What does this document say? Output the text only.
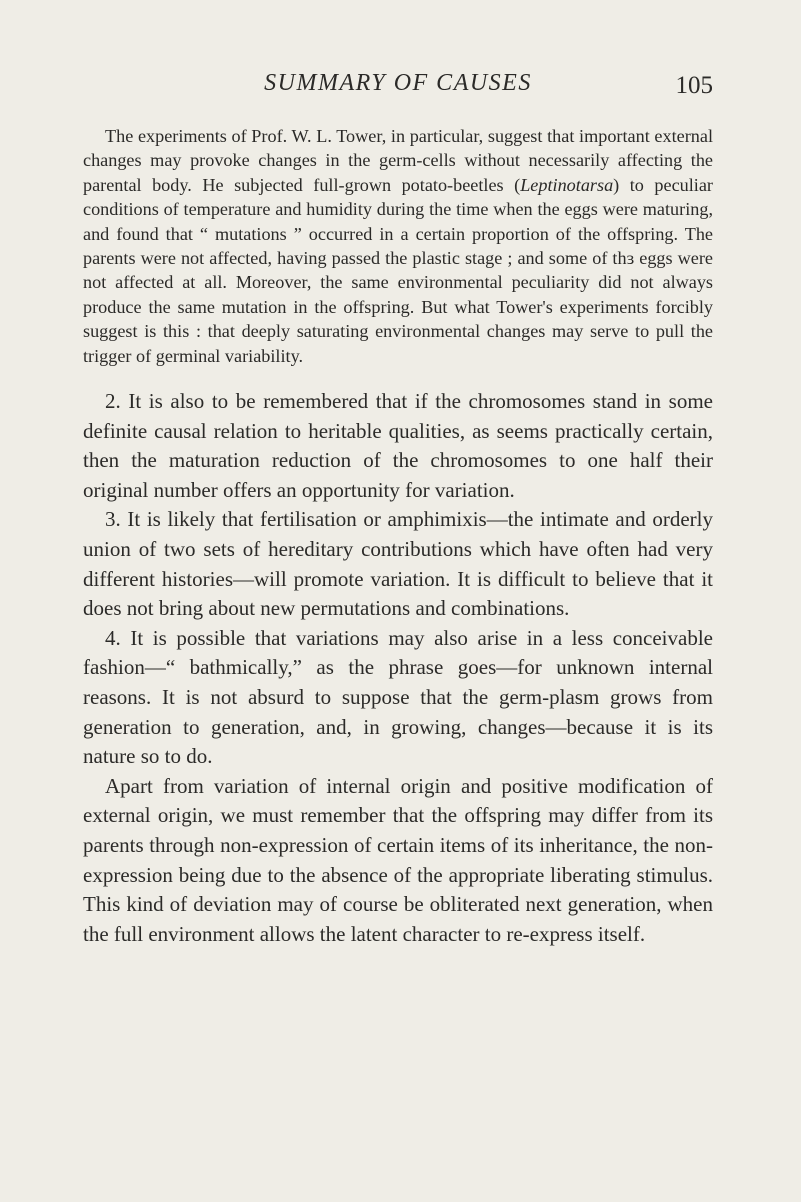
SUMMARY OF CAUSES	105

The experiments of Prof. W. L. Tower, in particular, suggest that important external changes may provoke changes in the germ-cells without necessarily affecting the parental body. He subjected full-grown potato-beetles (Leptinotarsa) to peculiar conditions of temperature and humidity during the time when the eggs were maturing, and found that “ mutations ” occurred in a certain proportion of the offspring. The parents were not affected, having passed the plastic stage ; and some of thɜ eggs were not affected at all. Moreover, the same environmental peculiarity did not always produce the same mutation in the offspring. But what Tower's experiments forcibly suggest is this : that deeply saturating environmental changes may serve to pull the trigger of germinal variability.

2. It is also to be remembered that if the chromosomes stand in some definite causal relation to heritable qualities, as seems practically certain, then the maturation reduction of the chromosomes to one half their original number offers an opportunity for variation.

3. It is likely that fertilisation or amphimixis—the intimate and orderly union of two sets of hereditary contributions which have often had very different histories—will promote variation. It is difficult to believe that it does not bring about new permutations and combinations.

4. It is possible that variations may also arise in a less conceivable fashion—“ bathmically,” as the phrase goes—for unknown internal reasons. It is not absurd to suppose that the germ-plasm grows from generation to generation, and, in growing, changes—because it is its nature so to do.

Apart from variation of internal origin and positive modification of external origin, we must remember that the offspring may differ from its parents through non-expression of certain items of its inheritance, the non-expression being due to the absence of the appropriate liberating stimulus. This kind of deviation may of course be obliterated next generation, when the full environment allows the latent character to re-express itself.
